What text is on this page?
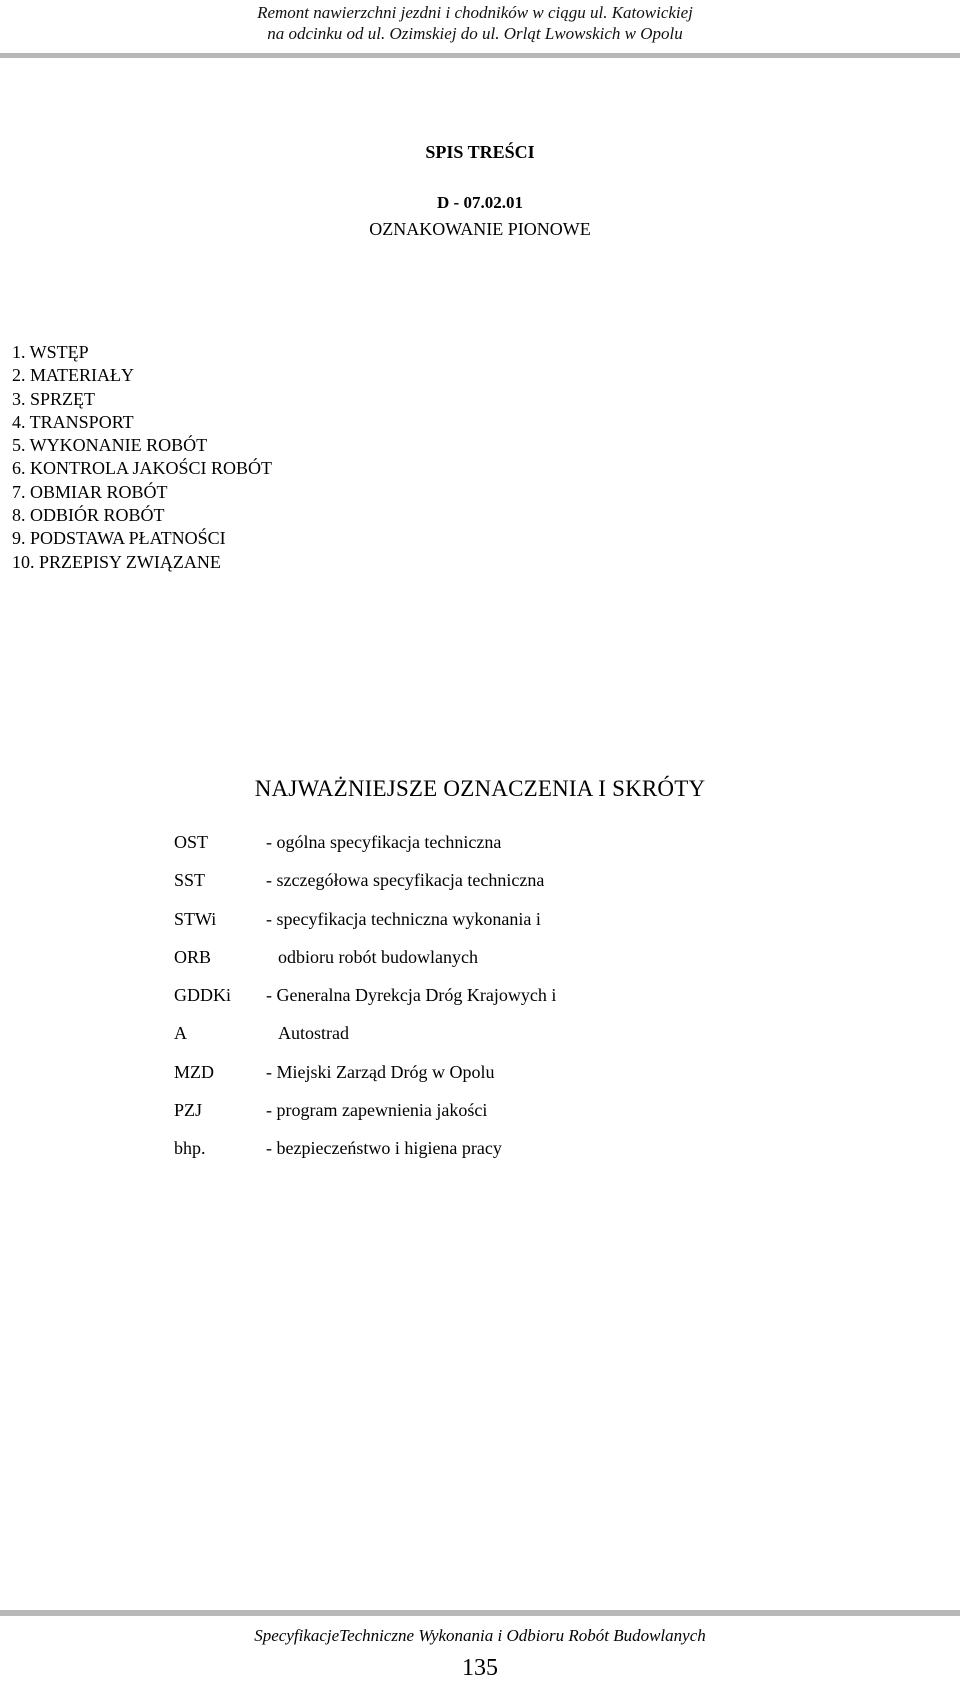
Remont nawierzchni jezdni i chodników w ciągu ul. Katowickiej
na odcinku od ul. Ozimskiej do ul. Orląt Lwowskich w Opolu
SPIS TREŚCI
D - 07.02.01
OZNAKOWANIE PIONOWE
1. WSTĘP
2. MATERIAŁY
3. SPRZĘT
4. TRANSPORT
5. WYKONANIE ROBÓT
6. KONTROLA JAKOŚCI ROBÓT
7. OBMIAR ROBÓT
8. ODBIÓR ROBÓT
9. PODSTAWA PŁATNOŚCI
10. PRZEPISY ZWIĄZANE
NAJWAŻNIEJSZE OZNACZENIA I SKRÓTY
OST	- ogólna specyfikacja techniczna
SST	- szczegółowa specyfikacja techniczna
STWi	- specyfikacja techniczna wykonania i
ORB	odbioru robót budowlanych
GDDKi - Generalna Dyrekcja Dróg Krajowych i
A	Autostrad
MZD	- Miejski Zarząd Dróg w Opolu
PZJ	- program zapewnienia jakości
bhp.	- bezpieczeństwo i higiena pracy
SpecyfikacjeTechniczne Wykonania i Odbioru Robót Budowlanych
135
